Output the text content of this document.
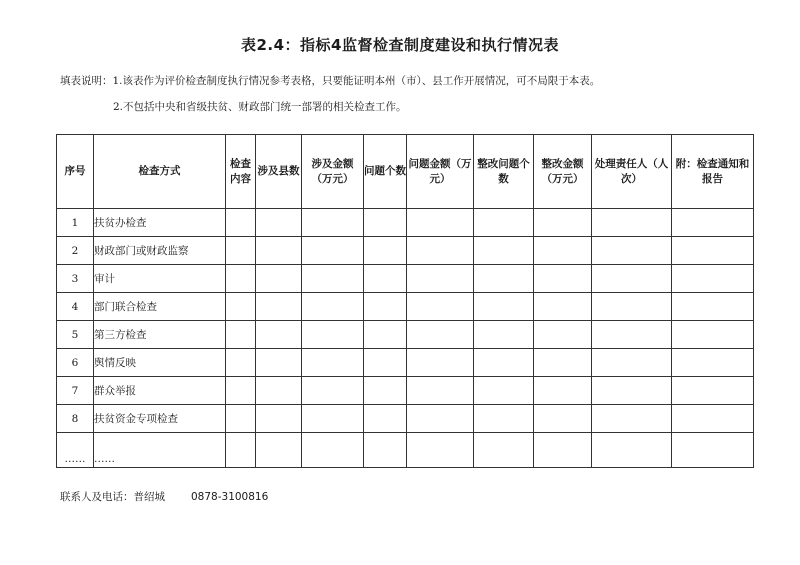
表2.4：指标4监督检查制度建设和执行情况表
填表说明：1.该表作为评价检查制度执行情况参考表格，只要能证明本州（市）、县工作开展情况，可不局限于本表。
2.不包括中央和省级扶贫、财政部门统一部署的相关检查工作。
序号	检查方式	检查内容	涉及县数	涉及金额（万元）	问题个数	问题金额（万元）	整改问题个数	整改金额（万元）	处理责任人（人次）	附：检查通知和报告
1	扶贫办检查									
2	财政部门或财政监察									
3	审计									
4	部门联合检查									
5	第三方检查									
6	舆情反映									
7	群众举报									
8	扶贫资金专项检查									
……	……									
联系人及电话：普绍城 0878-3100816
